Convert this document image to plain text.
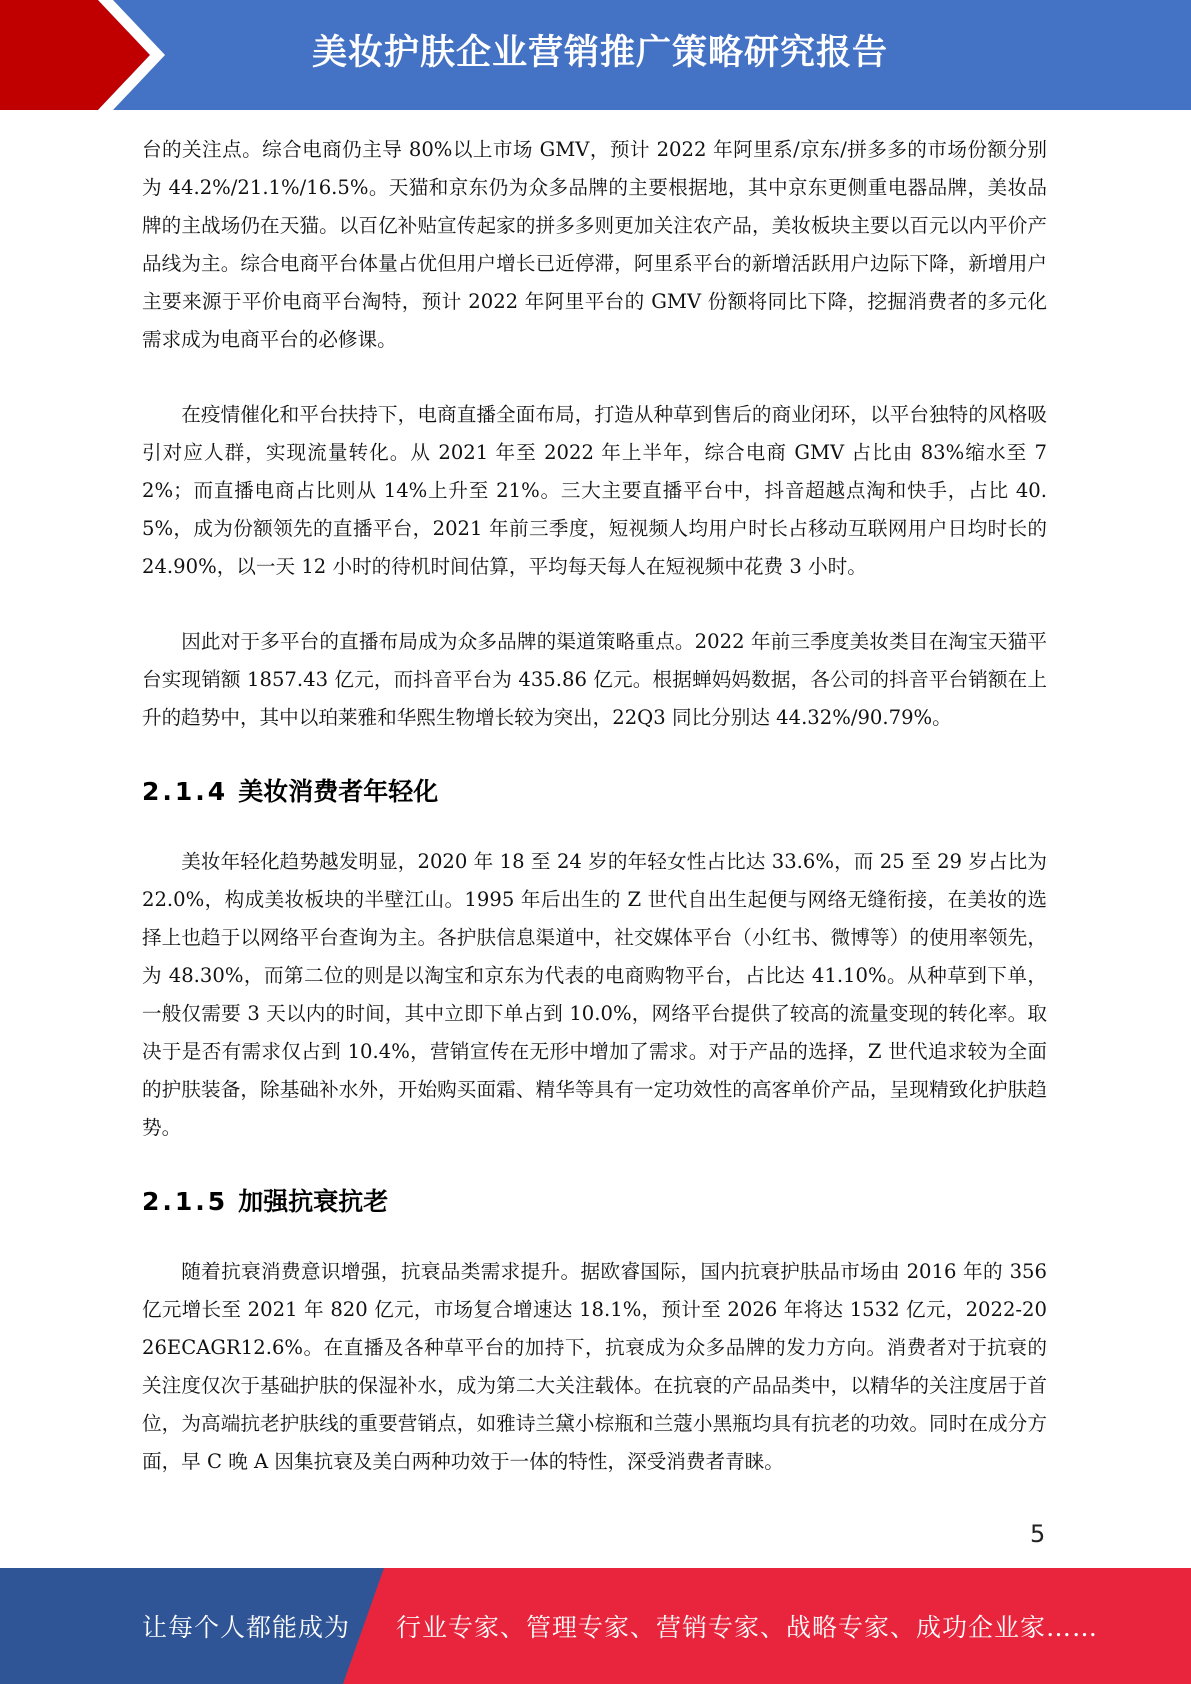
美妆护肤企业营销推广策略研究报告

台的关注点。综合电商仍主导 80%以上市场 GMV，预计 2022 年阿里系/京东/拼多多的市场份额分别为 44.2%/21.1%/16.5%。天猫和京东仍为众多品牌的主要根据地，其中京东更侧重电器品牌，美妆品牌的主战场仍在天猫。以百亿补贴宣传起家的拼多多则更加关注农产品，美妆板块主要以百元以内平价产品线为主。综合电商平台体量占优但用户增长已近停滞，阿里系平台的新增活跃用户边际下降，新增用户主要来源于平价电商平台淘特，预计 2022 年阿里平台的 GMV 份额将同比下降，挖掘消费者的多元化需求成为电商平台的必修课。

在疫情催化和平台扶持下，电商直播全面布局，打造从种草到售后的商业闭环，以平台独特的风格吸引对应人群，实现流量转化。从 2021 年至 2022 年上半年，综合电商 GMV 占比由 83%缩水至 72%；而直播电商占比则从 14%上升至 21%。三大主要直播平台中，抖音超越点淘和快手，占比 40.5%，成为份额领先的直播平台，2021 年前三季度，短视频人均用户时长占移动互联网用户日均时长的 24.90%，以一天 12 小时的待机时间估算，平均每天每人在短视频中花费 3 小时。

因此对于多平台的直播布局成为众多品牌的渠道策略重点。2022 年前三季度美妆类目在淘宝天猫平台实现销额 1857.43 亿元，而抖音平台为 435.86 亿元。根据蝉妈妈数据，各公司的抖音平台销额在上升的趋势中，其中以珀莱雅和华熙生物增长较为突出，22Q3 同比分别达 44.32%/90.79%。

2.1.4 美妆消费者年轻化

美妆年轻化趋势越发明显，2020 年 18 至 24 岁的年轻女性占比达 33.6%，而 25 至 29 岁占比为 22.0%，构成美妆板块的半壁江山。1995 年后出生的 Z 世代自出生起便与网络无缝衔接，在美妆的选择上也趋于以网络平台查询为主。各护肤信息渠道中，社交媒体平台（小红书、微博等）的使用率领先，为 48.30%，而第二位的则是以淘宝和京东为代表的电商购物平台，占比达 41.10%。从种草到下单，一般仅需要 3 天以内的时间，其中立即下单占到 10.0%，网络平台提供了较高的流量变现的转化率。取决于是否有需求仅占到 10.4%，营销宣传在无形中增加了需求。对于产品的选择，Z 世代追求较为全面的护肤装备，除基础补水外，开始购买面霜、精华等具有一定功效性的高客单价产品，呈现精致化护肤趋势。

2.1.5 加强抗衰抗老

随着抗衰消费意识增强，抗衰品类需求提升。据欧睿国际，国内抗衰护肤品市场由 2016 年的 356 亿元增长至 2021 年 820 亿元，市场复合增速达 18.1%，预计至 2026 年将达 1532 亿元，2022-2026ECAGR12.6%。在直播及各种草平台的加持下，抗衰成为众多品牌的发力方向。消费者对于抗衰的关注度仅次于基础护肤的保湿补水，成为第二大关注载体。在抗衰的产品品类中，以精华的关注度居于首位，为高端抗老护肤线的重要营销点，如雅诗兰黛小棕瓶和兰蔻小黑瓶均具有抗老的功效。同时在成分方面，早 C 晚 A 因集抗衰及美白两种功效于一体的特性，深受消费者青睐。

5
让每个人都能成为 行业专家、管理专家、营销专家、战略专家、成功企业家……
